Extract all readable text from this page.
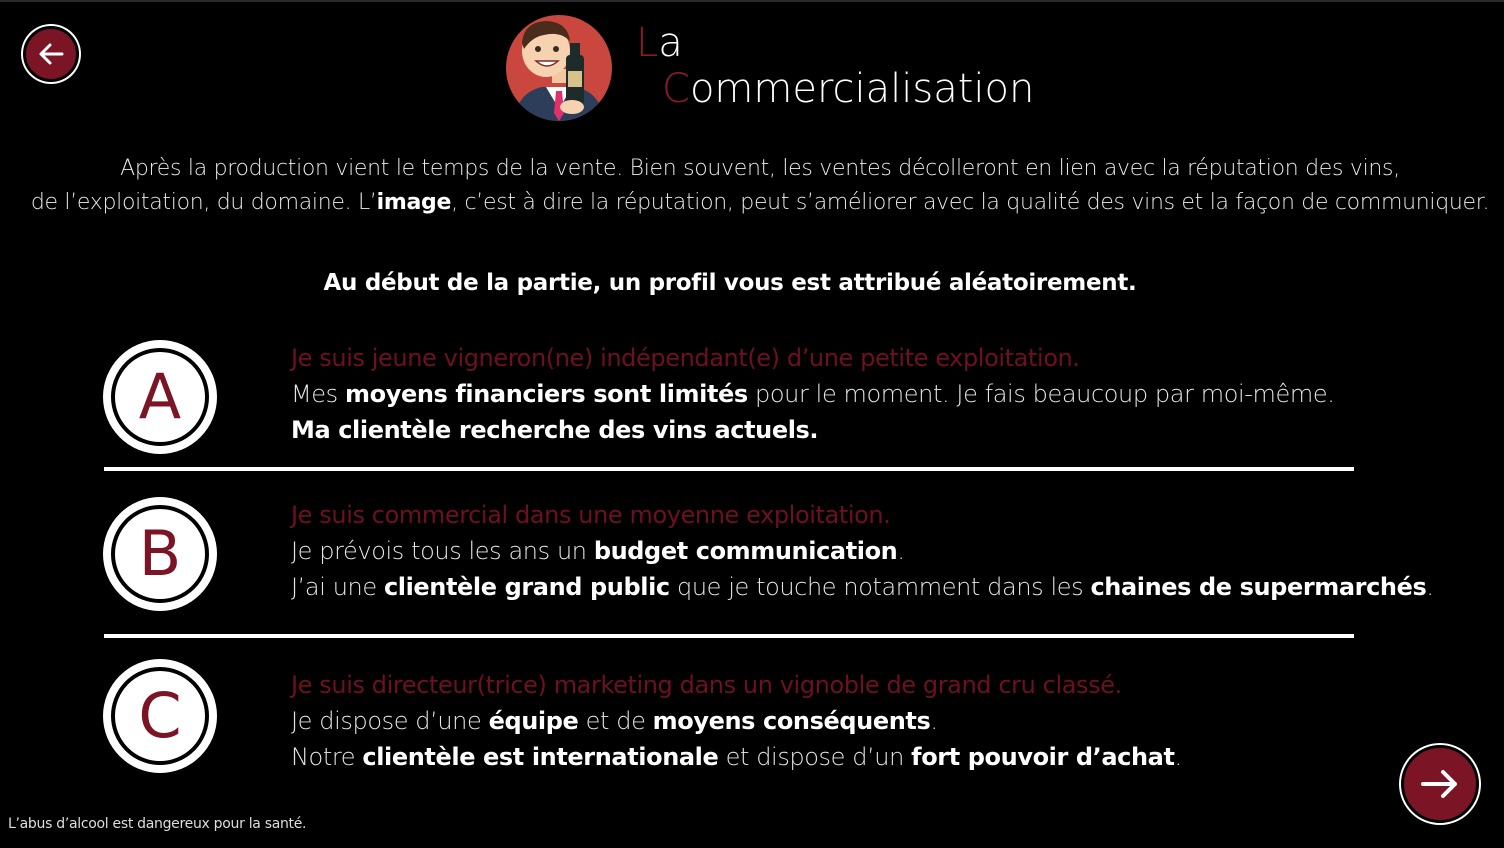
La
Commercialisation
Après la production vient le temps de la vente. Bien souvent, les ventes décolleront en lien avec la réputation des vins,
de l’exploitation, du domaine. L’image, c’est à dire la réputation, peut s’améliorer avec la qualité des vins et la façon de communiquer.
Au début de la partie, un profil vous est attribué aléatoirement.
A
Je suis jeune vigneron(ne) indépendant(e) d’une petite exploitation.
Mes moyens financiers sont limités pour le moment. Je fais beaucoup par moi-même.
Ma clientèle recherche des vins actuels.
B
Je suis commercial dans une moyenne exploitation.
Je prévois tous les ans un budget communication.
J’ai une clientèle grand public que je touche notamment dans les chaines de supermarchés.
C	Je suis directeur(trice) marketing dans un vignoble de grand cru classé.
Je dispose d’une équipe et de moyens conséquents.
Notre clientèle est internationale et dispose d’un fort pouvoir d’achat.
L’abus d’alcool est dangereux pour la santé.
